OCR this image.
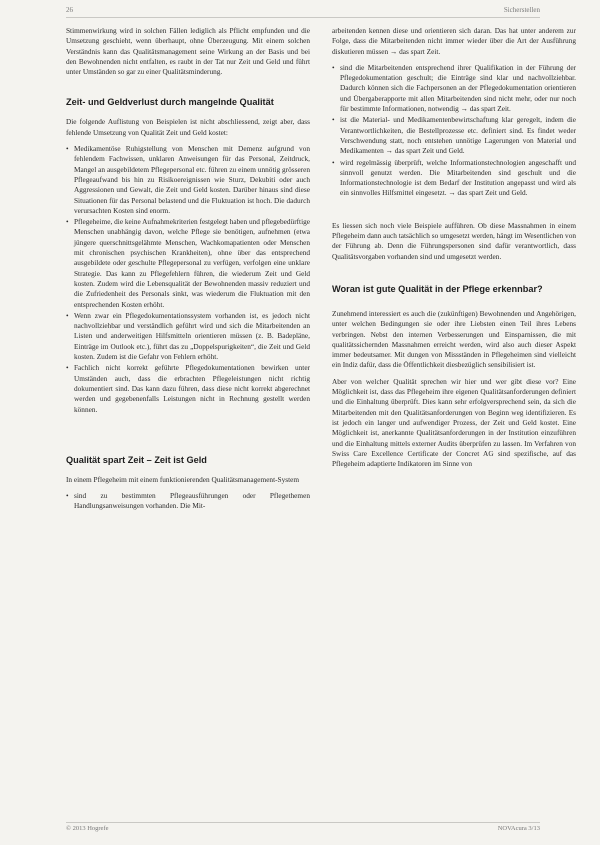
26	Sicherstellen

Stimmenwirkung wird in solchen Fällen lediglich als Pflicht empfunden und die Umsetzung geschieht, wenn überhaupt, ohne Überzeugung. Mit einem solchen Verständnis kann das Qualitätsmanagement seine Wirkung an der Basis und bei den Bewohnenden nicht entfalten, es raubt in der Tat nur Zeit und Geld und führt unter Umständen so gar zu einer Qualitätsminderung.

Zeit- und Geldverlust durch mangelnde Qualität

Die folgende Auflistung von Beispielen ist nicht abschliessend, zeigt aber, dass fehlende Umsetzung von Qualität Zeit und Geld kostet:

• Medikamentöse Ruhigstellung von Menschen mit Demenz aufgrund von fehlendem Fachwissen, unklaren Anweisungen für das Personal, Zeitdruck, Mangel an ausgebildetem Pflegepersonal etc. führen zu einem unnötig grösseren Pflegeaufwand bis hin zu Risikoereignissen wie Sturz, Dekubiti oder auch Aggressionen und Gewalt, die Zeit und Geld kosten. Darüber hinaus sind diese Situationen für das Personal belastend und die Fluktuation ist hoch. Die dadurch verursachten Kosten sind enorm.
• Pflegeheime, die keine Aufnahmekriterien festgelegt haben und pflegebedürftige Menschen unabhängig davon, welche Pflege sie benötigen, aufnehmen (etwa jüngere querschnittsgelähmte Menschen, Wachkomapatienten oder Menschen mit chronischen psychischen Krankheiten), ohne über das entsprechend ausgebildete oder geschulte Pflegepersonal zu verfügen, verfolgen eine unklare Strategie. Das kann zu Pflegefehlern führen, die wiederum Zeit und Geld kosten. Zudem wird die Lebensqualität der Bewohnenden massiv reduziert und die Zufriedenheit des Personals sinkt, was wiederum die Fluktuation mit den entsprechenden Kosten erhöht.
• Wenn zwar ein Pflegedokumentationssystem vorhanden ist, es jedoch nicht nachvollziehbar und verständlich geführt wird und sich die Mitarbeitenden an Listen und anderweitigen Hilfsmitteln orientieren müssen (z. B. Badepläne, Einträge im Outlook etc.), führt das zu „Doppelspurigkeiten“, die Zeit und Geld kosten. Zudem ist die Gefahr von Fehlern erhöht.
• Fachlich nicht korrekt geführte Pflegedokumentationen bewirken unter Umständen auch, dass die erbrachten Pflegeleistungen nicht richtig dokumentiert sind. Das kann dazu führen, dass diese nicht korrekt abgerechnet werden und gegebenenfalls Leistungen nicht in Rechnung gestellt werden können.
Qualität spart Zeit – Zeit ist Geld

In einem Pflegeheim mit einem funktionierenden Qualitätsmanagement-System

• sind zu bestimmten Pflegeausführungen oder Pflegethemen Handlungsanweisungen vorhanden. Die Mit-

arbeitenden kennen diese und orientieren sich daran. Das hat unter anderem zur Folge, dass die Mitarbeitenden nicht immer wieder über die Art der Ausführung diskutieren müssen → das spart Zeit.

• sind die Mitarbeitenden entsprechend ihrer Qualifikation in der Führung der Pflegedokumentation geschult; die Einträge sind klar und nachvollziehbar. Dadurch können sich die Fachpersonen an der Pflegedokumentation orientieren und Übergaberapporte mit allen Mitarbeitenden sind nicht mehr, oder nur noch für bestimmte Informationen, notwendig → das spart Zeit.
• ist die Material- und Medikamentenbewirtschaftung klar geregelt, indem die Verantwortlichkeiten, die Bestellprozesse etc. definiert sind. Es findet weder Verschwendung statt, noch entstehen unnötige Lagerungen von Material und Medikamenten → das spart Zeit und Geld.
• wird regelmässig überprüft, welche Informationstechnologien angeschafft und sinnvoll genutzt werden. Die Mitarbeitenden sind geschult und die Informationstechnologie ist dem Bedarf der Institution angepasst und wird als ein sinnvolles Hilfsmittel eingesetzt. → das spart Zeit und Geld.

Es liessen sich noch viele Beispiele aufführen. Ob diese Massnahmen in einem Pflegeheim dann auch tatsächlich so umgesetzt werden, hängt im Wesentlichen von der Führung ab. Denn die Führungspersonen sind dafür verantwortlich, dass Qualitätsvorgaben vorhanden sind und umgesetzt werden.

Woran ist gute Qualität in der Pflege erkennbar?

Zunehmend interessiert es auch die (zukünftigen) Bewohnenden und Angehörigen, unter welchen Bedingungen sie oder ihre Liebsten einen Teil ihres Lebens verbringen. Nebst den internen Verbesserungen und Einsparnissen, die mit qualitätssichernden Massnahmen erreicht werden, wird also auch dieser Aspekt immer bedeutsamer. Mit dungen von Missständen in Pflegeheimen sind vielleicht ein Indiz dafür, dass die Öffentlichkeit diesbezüglich sensibilisiert ist.

Aber von welcher Qualität sprechen wir hier und wer gibt diese vor? Eine Möglichkeit ist, dass das Pflegeheim ihre eigenen Qualitätsanforderungen definiert und die Einhaltung überprüft. Dies kann sehr erfolgversprechend sein, da sich die Mitarbeitenden mit den Qualitätsanforderungen von Beginn weg identifizieren. Es ist jedoch ein langer und aufwendiger Prozess, der Zeit und Geld kostet. Eine Möglichkeit ist, anerkannte Qualitätsanforderungen in der Institution einzuführen und die Einhaltung mittels externer Audits überprüfen zu lassen. Im Verfahren von Swiss Care Excellence Certificate der Concret AG sind spezifische, auf das Pflegeheim adaptierte Indikatoren im Sinne von

© 2013 Hogrefe	NOVAcura 3/13
